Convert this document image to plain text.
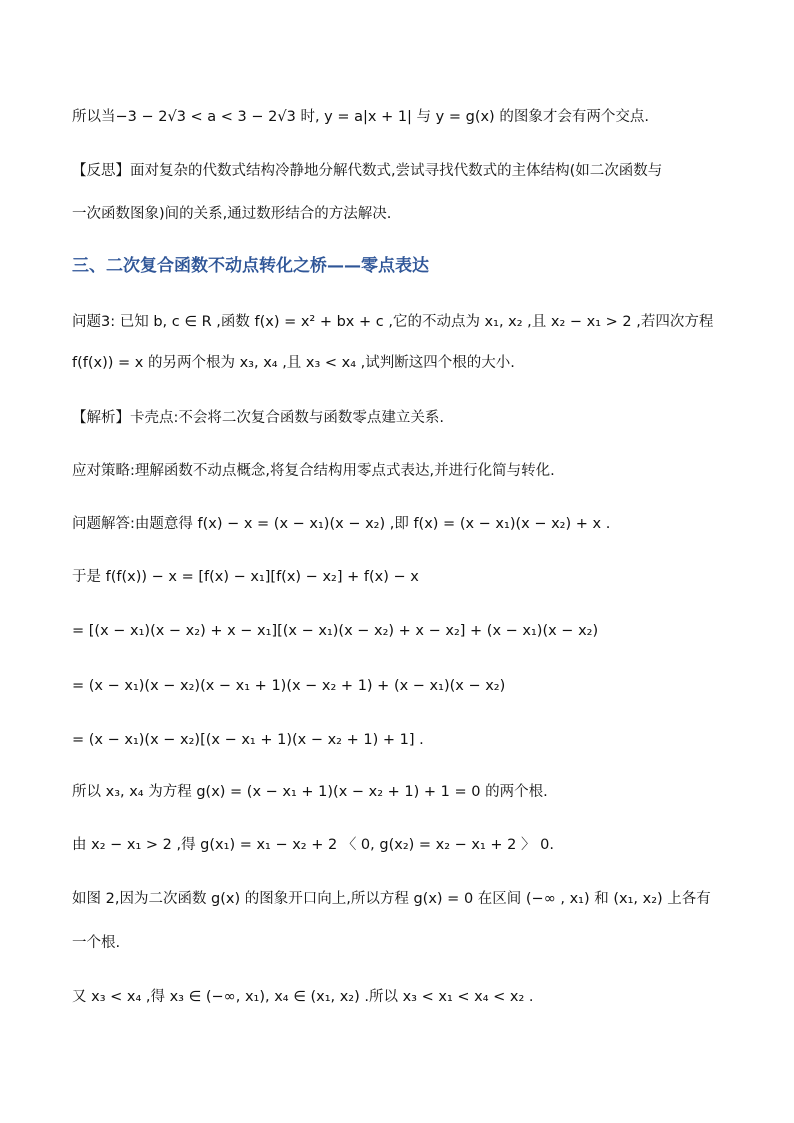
所以当−3 − 2√3 < a < 3 − 2√3 时, y = a|x + 1| 与 y = g(x) 的图象才会有两个交点.
【反思】面对复杂的代数式结构冷静地分解代数式,尝试寻找代数式的主体结构(如二次函数与
一次函数图象)间的关系,通过数形结合的方法解决.
三、二次复合函数不动点转化之桥——零点表达
问题3: 已知 b, c ∈ R ,函数 f(x) = x² + bx + c ,它的不动点为 x₁, x₂ ,且 x₂ − x₁ > 2 ,若四次方程
f(f(x)) = x 的另两个根为 x₃, x₄ ,且 x₃ < x₄ ,试判断这四个根的大小.
【解析】卡壳点:不会将二次复合函数与函数零点建立关系.
应对策略:理解函数不动点概念,将复合结构用零点式表达,并进行化简与转化.
问题解答:由题意得 f(x) − x = (x − x₁)(x − x₂) ,即 f(x) = (x − x₁)(x − x₂) + x .
于是 f(f(x)) − x = [f(x) − x₁][f(x) − x₂] + f(x) − x
= [(x − x₁)(x − x₂) + x − x₁][(x − x₁)(x − x₂) + x − x₂] + (x − x₁)(x − x₂)
= (x − x₁)(x − x₂)(x − x₁ + 1)(x − x₂ + 1) + (x − x₁)(x − x₂)
= (x − x₁)(x − x₂)[(x − x₁ + 1)(x − x₂ + 1) + 1] .
所以 x₃, x₄ 为方程 g(x) = (x − x₁ + 1)(x − x₂ + 1) + 1 = 0 的两个根.
由 x₂ − x₁ > 2 ,得 g(x₁) = x₁ − x₂ + 2 〈 0, g(x₂) = x₂ − x₁ + 2 〉 0.
如图 2,因为二次函数 g(x) 的图象开口向上,所以方程 g(x) = 0 在区间 (−∞ , x₁) 和 (x₁, x₂) 上各有
一个根.
又 x₃ < x₄ ,得 x₃ ∈ (−∞, x₁), x₄ ∈ (x₁, x₂) .所以 x₃ < x₁ < x₄ < x₂ .
